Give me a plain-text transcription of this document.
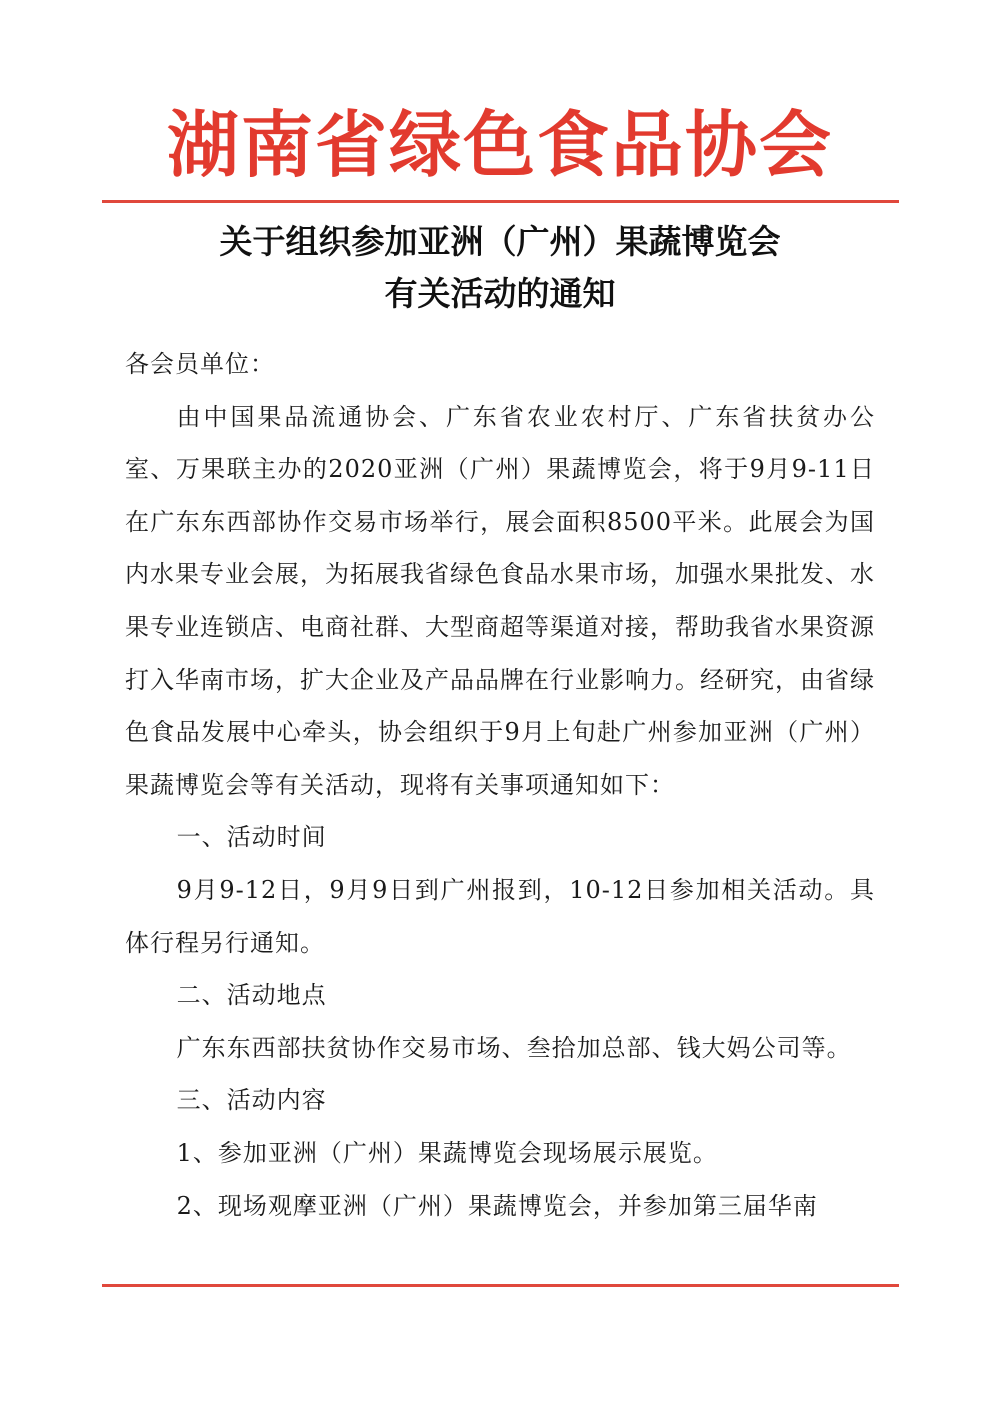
湖南省绿色食品协会
关于组织参加亚洲（广州）果蔬博览会
有关活动的通知

各会员单位：

由中国果品流通协会、广东省农业农村厅、广东省扶贫办公室、万果联主办的2020亚洲（广州）果蔬博览会，将于9月9-11日在广东东西部协作交易市场举行，展会面积8500平米。此展会为国内水果专业会展，为拓展我省绿色食品水果市场，加强水果批发、水果专业连锁店、电商社群、大型商超等渠道对接，帮助我省水果资源打入华南市场，扩大企业及产品品牌在行业影响力。经研究，由省绿色食品发展中心牵头，协会组织于9月上旬赴广州参加亚洲（广州）果蔬博览会等有关活动，现将有关事项通知如下：

一、活动时间

9月9-12日，9月9日到广州报到，10-12日参加相关活动。具体行程另行通知。

二、活动地点

广东东西部扶贫协作交易市场、叁拾加总部、钱大妈公司等。

三、活动内容

1、参加亚洲（广州）果蔬博览会现场展示展览。

2、现场观摩亚洲（广州）果蔬博览会，并参加第三届华南
